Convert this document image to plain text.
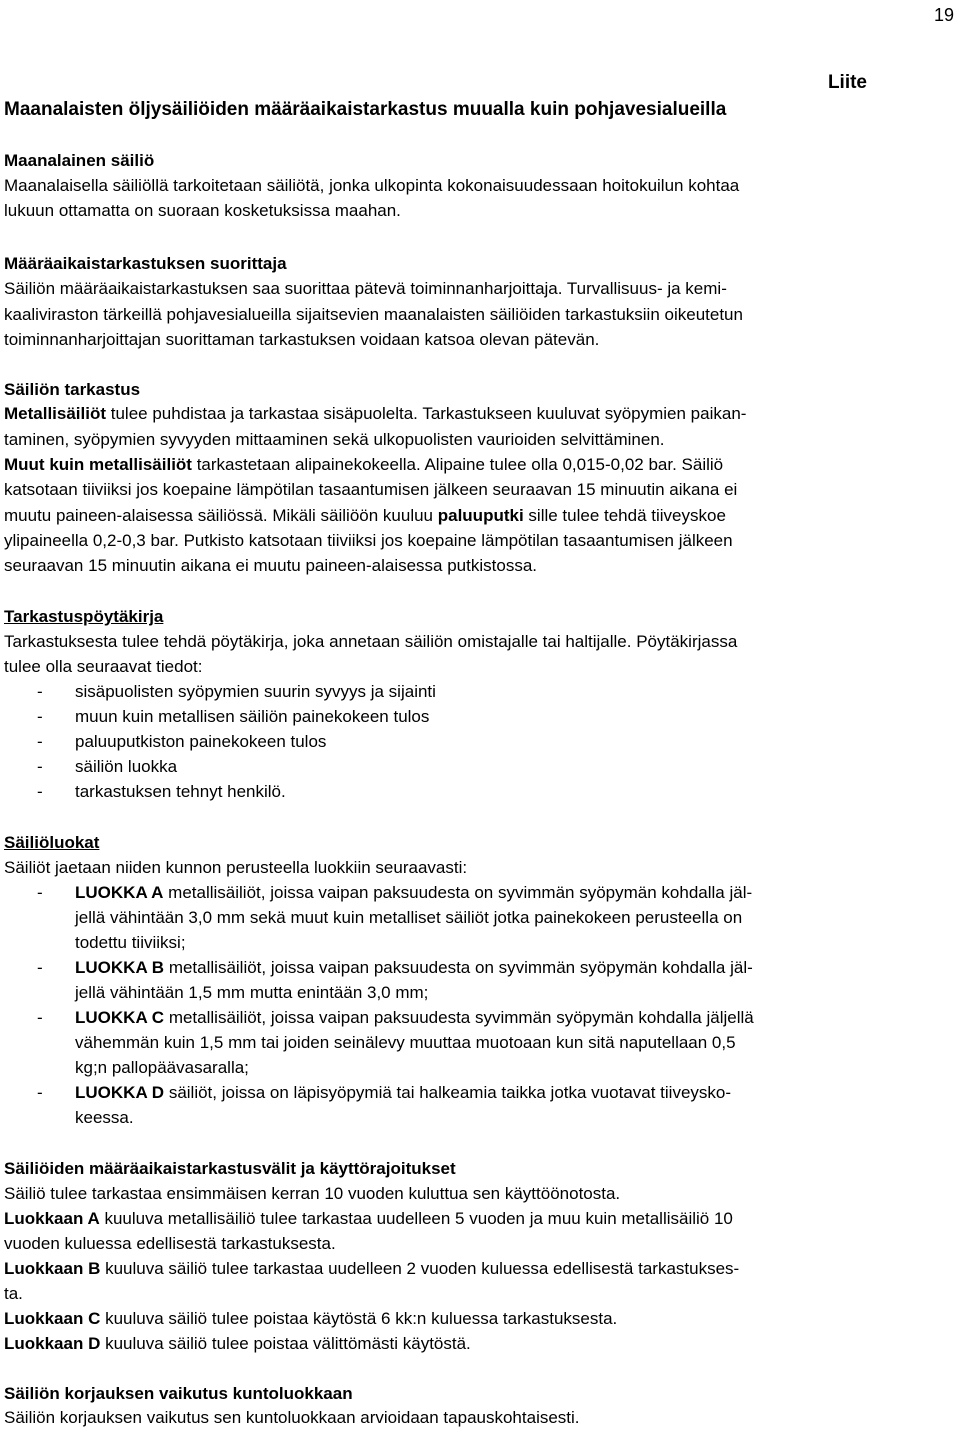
19
Liite
Maanalaisten öljysäiliöiden määräaikaistarkastus muualla kuin pohjavesialueilla
Maanalainen säiliö
Maanalaisella säiliöllä tarkoitetaan säiliötä, jonka ulkopinta kokonaisuudessaan hoitokuilun kohtaa
lukuun ottamatta on suoraan kosketuksissa maahan.
Määräaikaistarkastuksen suorittaja
Säiliön määräaikaistarkastuksen saa suorittaa pätevä toiminnanharjoittaja. Turvallisuus- ja kemi-
kaaliviraston tärkeillä pohjavesialueilla sijaitsevien maanalaisten säiliöiden tarkastuksiin oikeutetun
toiminnanharjoittajan suorittaman tarkastuksen voidaan katsoa olevan pätevän.
Säiliön tarkastus
Metallisäiliöt tulee puhdistaa ja tarkastaa sisäpuolelta. Tarkastukseen kuuluvat syöpymien paikan-
taminen, syöpymien syvyyden mittaaminen sekä ulkopuolisten vaurioiden selvittäminen.
Muut kuin metallisäiliöt tarkastetaan alipainekokeella. Alipaine tulee olla 0,015-0,02 bar. Säiliö
katsotaan tiiviiksi jos koepaine lämpötilan tasaantumisen jälkeen seuraavan 15 minuutin aikana ei
muutu paineen-alaisessa säiliössä. Mikäli säiliöön kuuluu paluuputki sille tulee tehdä tiiveyskoe
ylipaineella 0,2-0,3 bar. Putkisto katsotaan tiiviiksi jos koepaine lämpötilan tasaantumisen jälkeen
seuraavan 15 minuutin aikana ei muutu paineen-alaisessa putkistossa.
Tarkastuspöytäkirja
Tarkastuksesta tulee tehdä pöytäkirja, joka annetaan säiliön omistajalle tai haltijalle. Pöytäkirjassa
tulee olla seuraavat tiedot:
- sisäpuolisten syöpymien suurin syvyys ja sijainti
- muun kuin metallisen säiliön painekokeen tulos
- paluuputkiston painekokeen tulos
- säiliön luokka
- tarkastuksen tehnyt henkilö.
Säiliöluokat
Säiliöt jaetaan niiden kunnon perusteella luokkiin seuraavasti:
- LUOKKA A metallisäiliöt, joissa vaipan paksuudesta on syvimmän syöpymän kohdalla jäl-
jellä vähintään 3,0 mm sekä muut kuin metalliset säiliöt jotka painekokeen perusteella on
todettu tiiviiksi;
- LUOKKA B metallisäiliöt, joissa vaipan paksuudesta on syvimmän syöpymän kohdalla jäl-
jellä vähintään 1,5 mm mutta enintään 3,0 mm;
- LUOKKA C metallisäiliöt, joissa vaipan paksuudesta syvimmän syöpymän kohdalla jäljellä
vähemmän kuin 1,5 mm tai joiden seinälevy muuttaa muotoaan kun sitä naputellaan 0,5
kg;n pallopäävasaralla;
- LUOKKA D säiliöt, joissa on läpisyöpymiä tai halkeamia taikka jotka vuotavat tiiveysko-
keessa.
Säiliöiden määräaikaistarkastusvälit ja käyttörajoitukset
Säiliö tulee tarkastaa ensimmäisen kerran 10 vuoden kuluttua sen käyttöönotosta.
Luokkaan A kuuluva metallisäiliö tulee tarkastaa uudelleen 5 vuoden ja muu kuin metallisäiliö 10
vuoden kuluessa edellisestä tarkastuksesta.
Luokkaan B kuuluva säiliö tulee tarkastaa uudelleen 2 vuoden kuluessa edellisestä tarkastukses-
ta.
Luokkaan C kuuluva säiliö tulee poistaa käytöstä 6 kk:n kuluessa tarkastuksesta.
Luokkaan D kuuluva säiliö tulee poistaa välittömästi käytöstä.
Säiliön korjauksen vaikutus kuntoluokkaan
Säiliön korjauksen vaikutus sen kuntoluokkaan arvioidaan tapauskohtaisesti.
